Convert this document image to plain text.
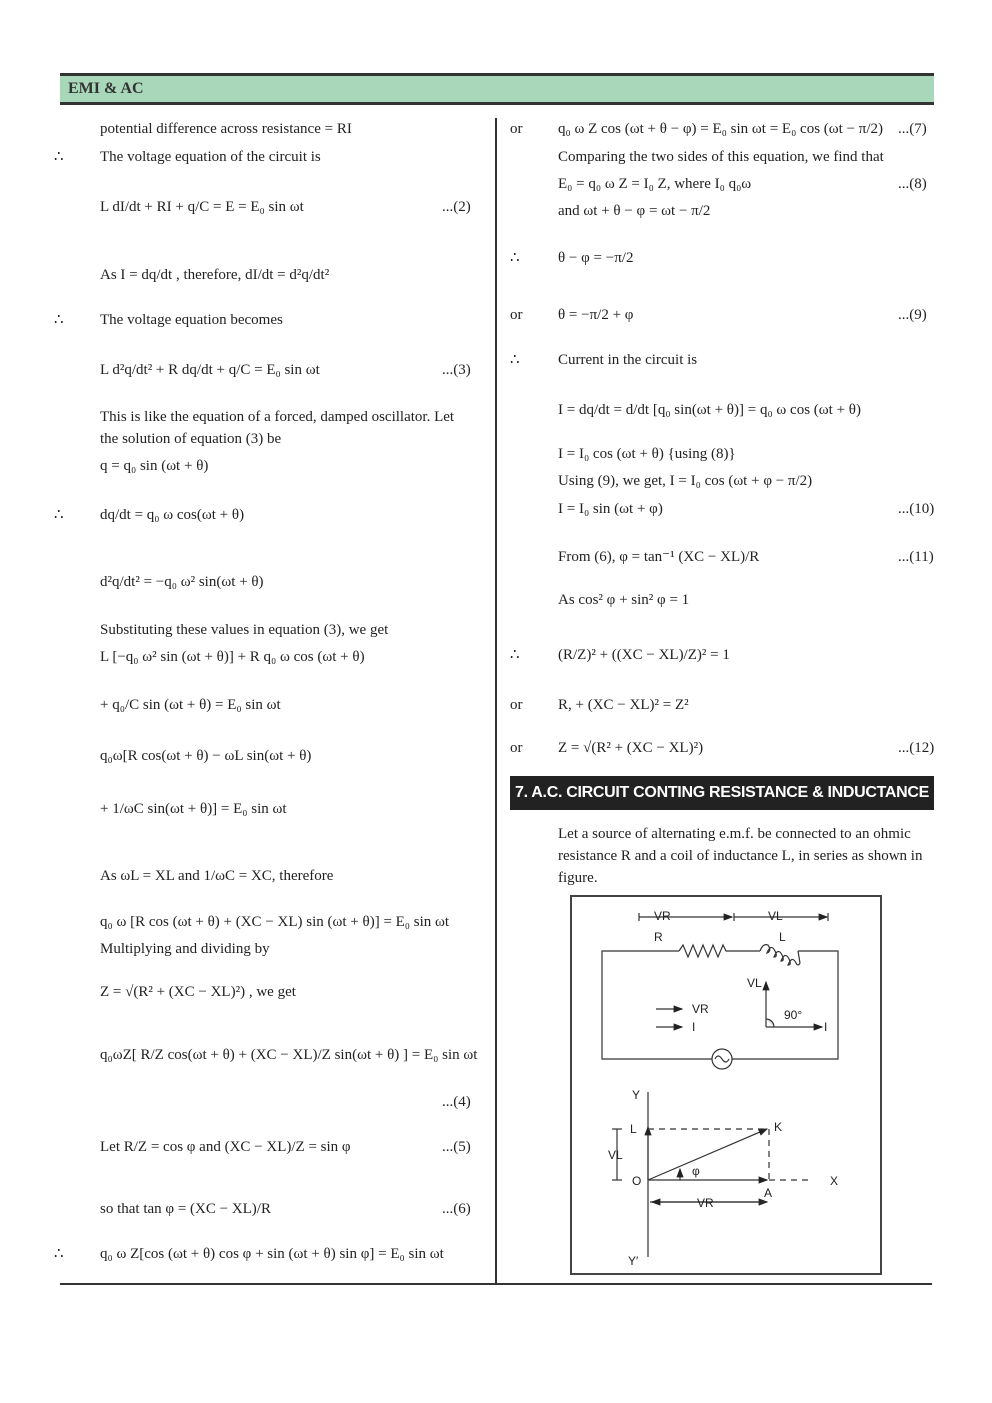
EMI & AC
potential difference across resistance = RI
∴ The voltage equation of the circuit is
L dI/dt + RI + q/C = E = E₀ sin ωt	...(2)
As I = dq/dt , therefore, dI/dt = d²q/dt²
∴ The voltage equation becomes
L d²q/dt² + R dq/dt + q/C = E₀ sin ωt	...(3)
This is like the equation of a forced, damped oscillator. Let
the solution of equation (3) be
q = q₀ sin (ωt + θ)
∴ dq/dt = q₀ ω cos(ωt + θ)
d²q/dt² = −q₀ ω² sin(ωt + θ)
Substituting these values in equation (3), we get
L [−q₀ ω² sin (ωt + θ)] + R q₀ ω cos (ωt + θ)
+ q₀/C sin (ωt + θ) = E₀ sin ωt
q₀ω[R cos(ωt + θ) − ωL sin(ωt + θ)
+ 1/ωC sin(ωt + θ)] = E₀ sin ωt
As ωL = XL and 1/ωC = XC, therefore
q₀ ω [R cos (ωt + θ) + (XC − XL) sin (ωt + θ)] = E₀ sin ωt
Multiplying and dividing by
Z = √(R² + (XC − XL)²) , we get
q₀ωZ[ R/Z cos(ωt + θ) + (XC − XL)/Z sin(ωt + θ) ] = E₀ sin ωt
...(4)
Let R/Z = cos φ and (XC − XL)/Z = sin φ	...(5)
so that tan φ = (XC − XL)/R	...(6)
∴ q₀ ω Z[cos (ωt + θ) cos φ + sin (ωt + θ) sin φ] = E₀ sin ωt
or q₀ ω Z cos (ωt + θ − φ) = E₀ sin ωt = E₀ cos (ωt − π/2) ...(7)
Comparing the two sides of this equation, we find that
E₀ = q₀ ω Z = I₀ Z, where I₀ q₀ω	...(8)
and ωt + θ − φ = ωt − π/2
∴	θ − φ = −π/2
or θ = −π/2 + φ	...(9)
∴	Current in the circuit is
I = dq/dt = d/dt [q₀ sin(ωt + θ)] = q₀ ω cos (ωt + θ)
I = I₀ cos (ωt + θ) {using (8)}
Using (9), we get, I = I₀ cos (ωt + φ − π/2)
I = I₀ sin (ωt + φ)	...(10)
From (6), φ = tan⁻¹ (XC − XL)/R	...(11)
As cos² φ + sin² φ = 1
∴	(R/Z)² + ((XC − XL)/Z)² = 1
or R, + (XC − XL)² = Z²
or Z = √(R² + (XC − XL)²)	...(12)
7. A.C. CIRCUIT CONTING RESISTANCE & INDUCTANCE
Let a source of alternating e.m.f. be connected to an ohmic resistance R and a coil of inductance L, in series as shown in figure.
VR	VL
R	L
VL
90°
I
VR
I
Y
L	K
O	X
A
VL
VR
Y′
φ
